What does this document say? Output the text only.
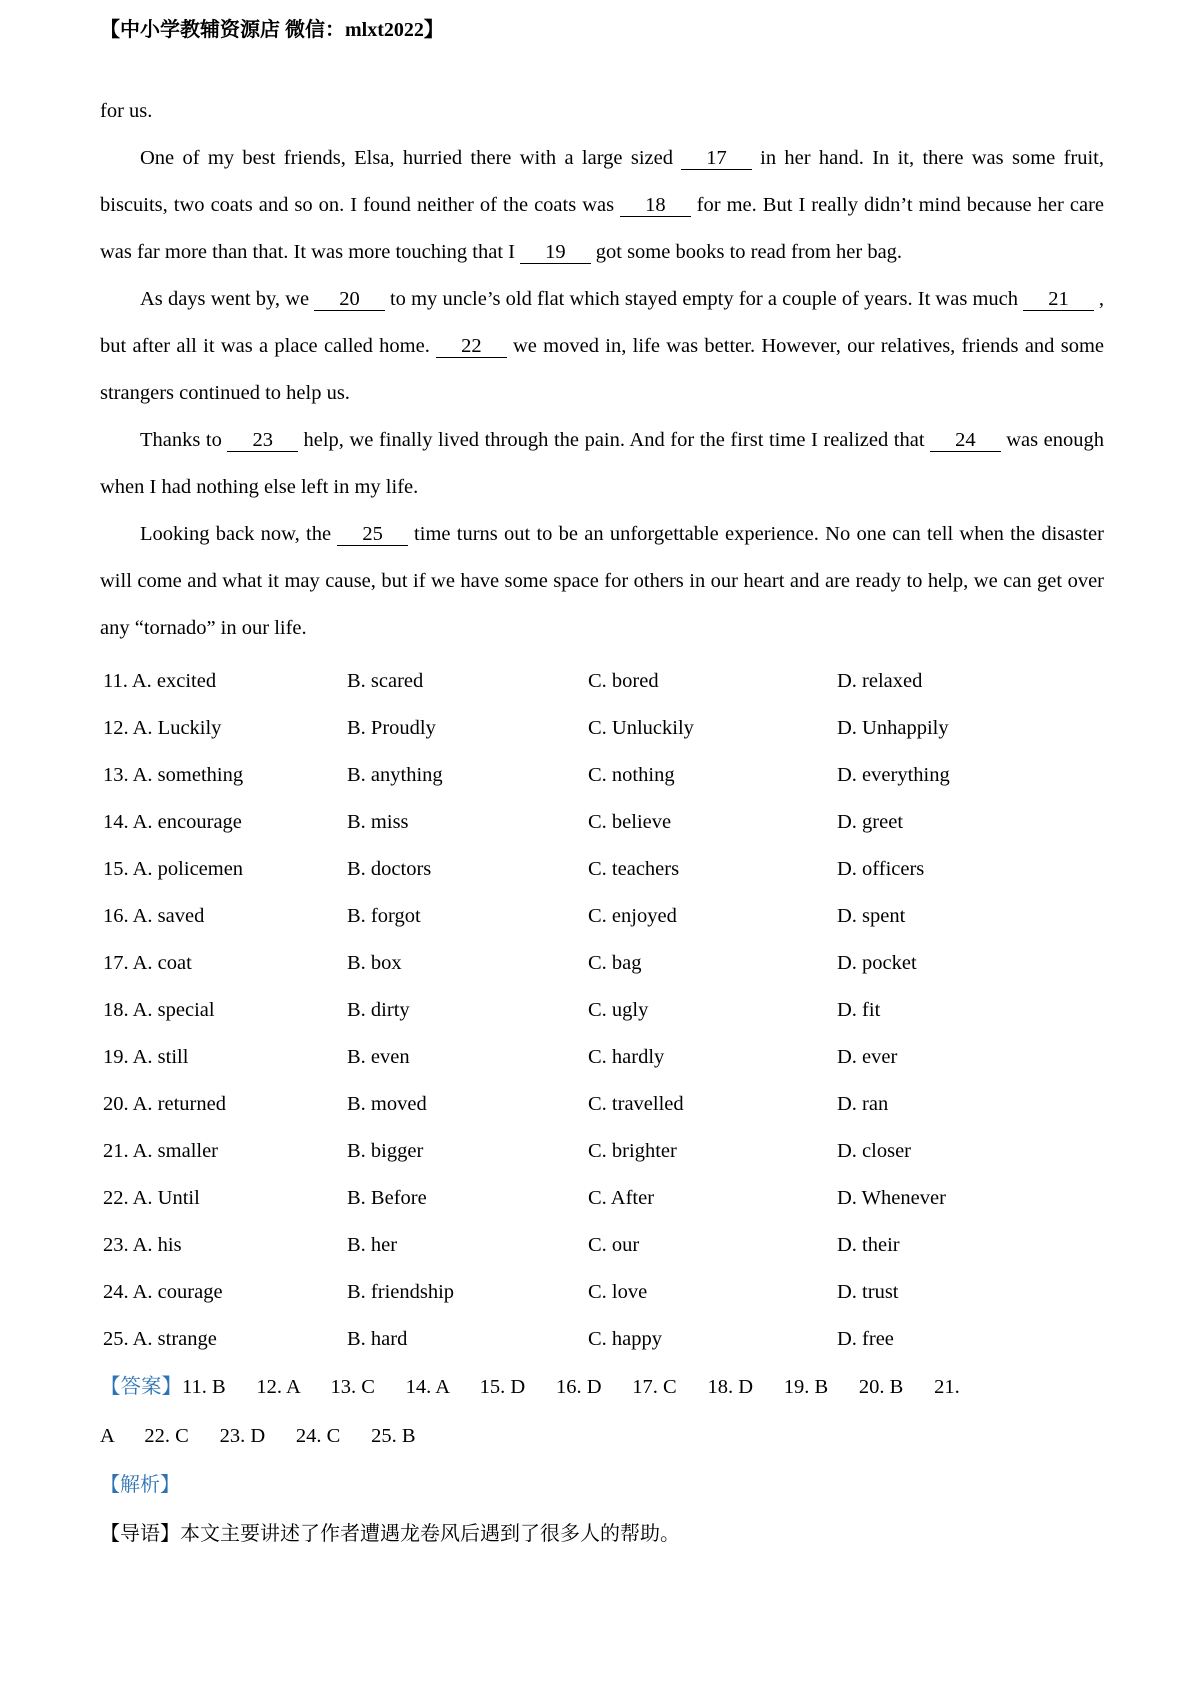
【中小学教辅资源店 微信：mlxt2022】

for us.

One of my best friends, Elsa, hurried there with a large sized 17 in her hand. In it, there was some fruit, biscuits, two coats and so on. I found neither of the coats was 18 for me. But I really didn’t mind because her care was far more than that. It was more touching that I 19 got some books to read from her bag.

As days went by, we 20 to my uncle’s old flat which stayed empty for a couple of years. It was much 21 , but after all it was a place called home. 22 we moved in, life was better. However, our relatives, friends and some strangers continued to help us.

Thanks to 23 help, we finally lived through the pain. And for the first time I realized that 24 was enough when I had nothing else left in my life.

Looking back now, the 25 time turns out to be an unforgettable experience. No one can tell when the disaster will come and what it may cause, but if we have some space for others in our heart and are ready to help, we can get over any “tornado” in our life.

11. A. excited	B. scared	C. bored	D. relaxed
12. A. Luckily	B. Proudly	C. Unluckily	D. Unhappily
13. A. something	B. anything	C. nothing	D. everything
14. A. encourage	B. miss	C. believe	D. greet
15. A. policemen	B. doctors	C. teachers	D. officers
16. A. saved	B. forgot	C. enjoyed	D. spent
17. A. coat	B. box	C. bag	D. pocket
18. A. special	B. dirty	C. ugly	D. fit
19. A. still	B. even	C. hardly	D. ever
20. A. returned	B. moved	C. travelled	D. ran
21. A. smaller	B. bigger	C. brighter	D. closer
22. A. Until	B. Before	C. After	D. Whenever
23. A. his	B. her	C. our	D. their
24. A. courage	B. friendship	C. love	D. trust
25. A. strange	B. hard	C. happy	D. free
【答案】11. B      12. A      13. C      14. A      15. D      16. D      17. C      18. D      19. B      20. B      21.
A      22. C      23. D      24. C      25. B
【解析】
【导语】本文主要讲述了作者遭遇龙卷风后遇到了很多人的帮助。
